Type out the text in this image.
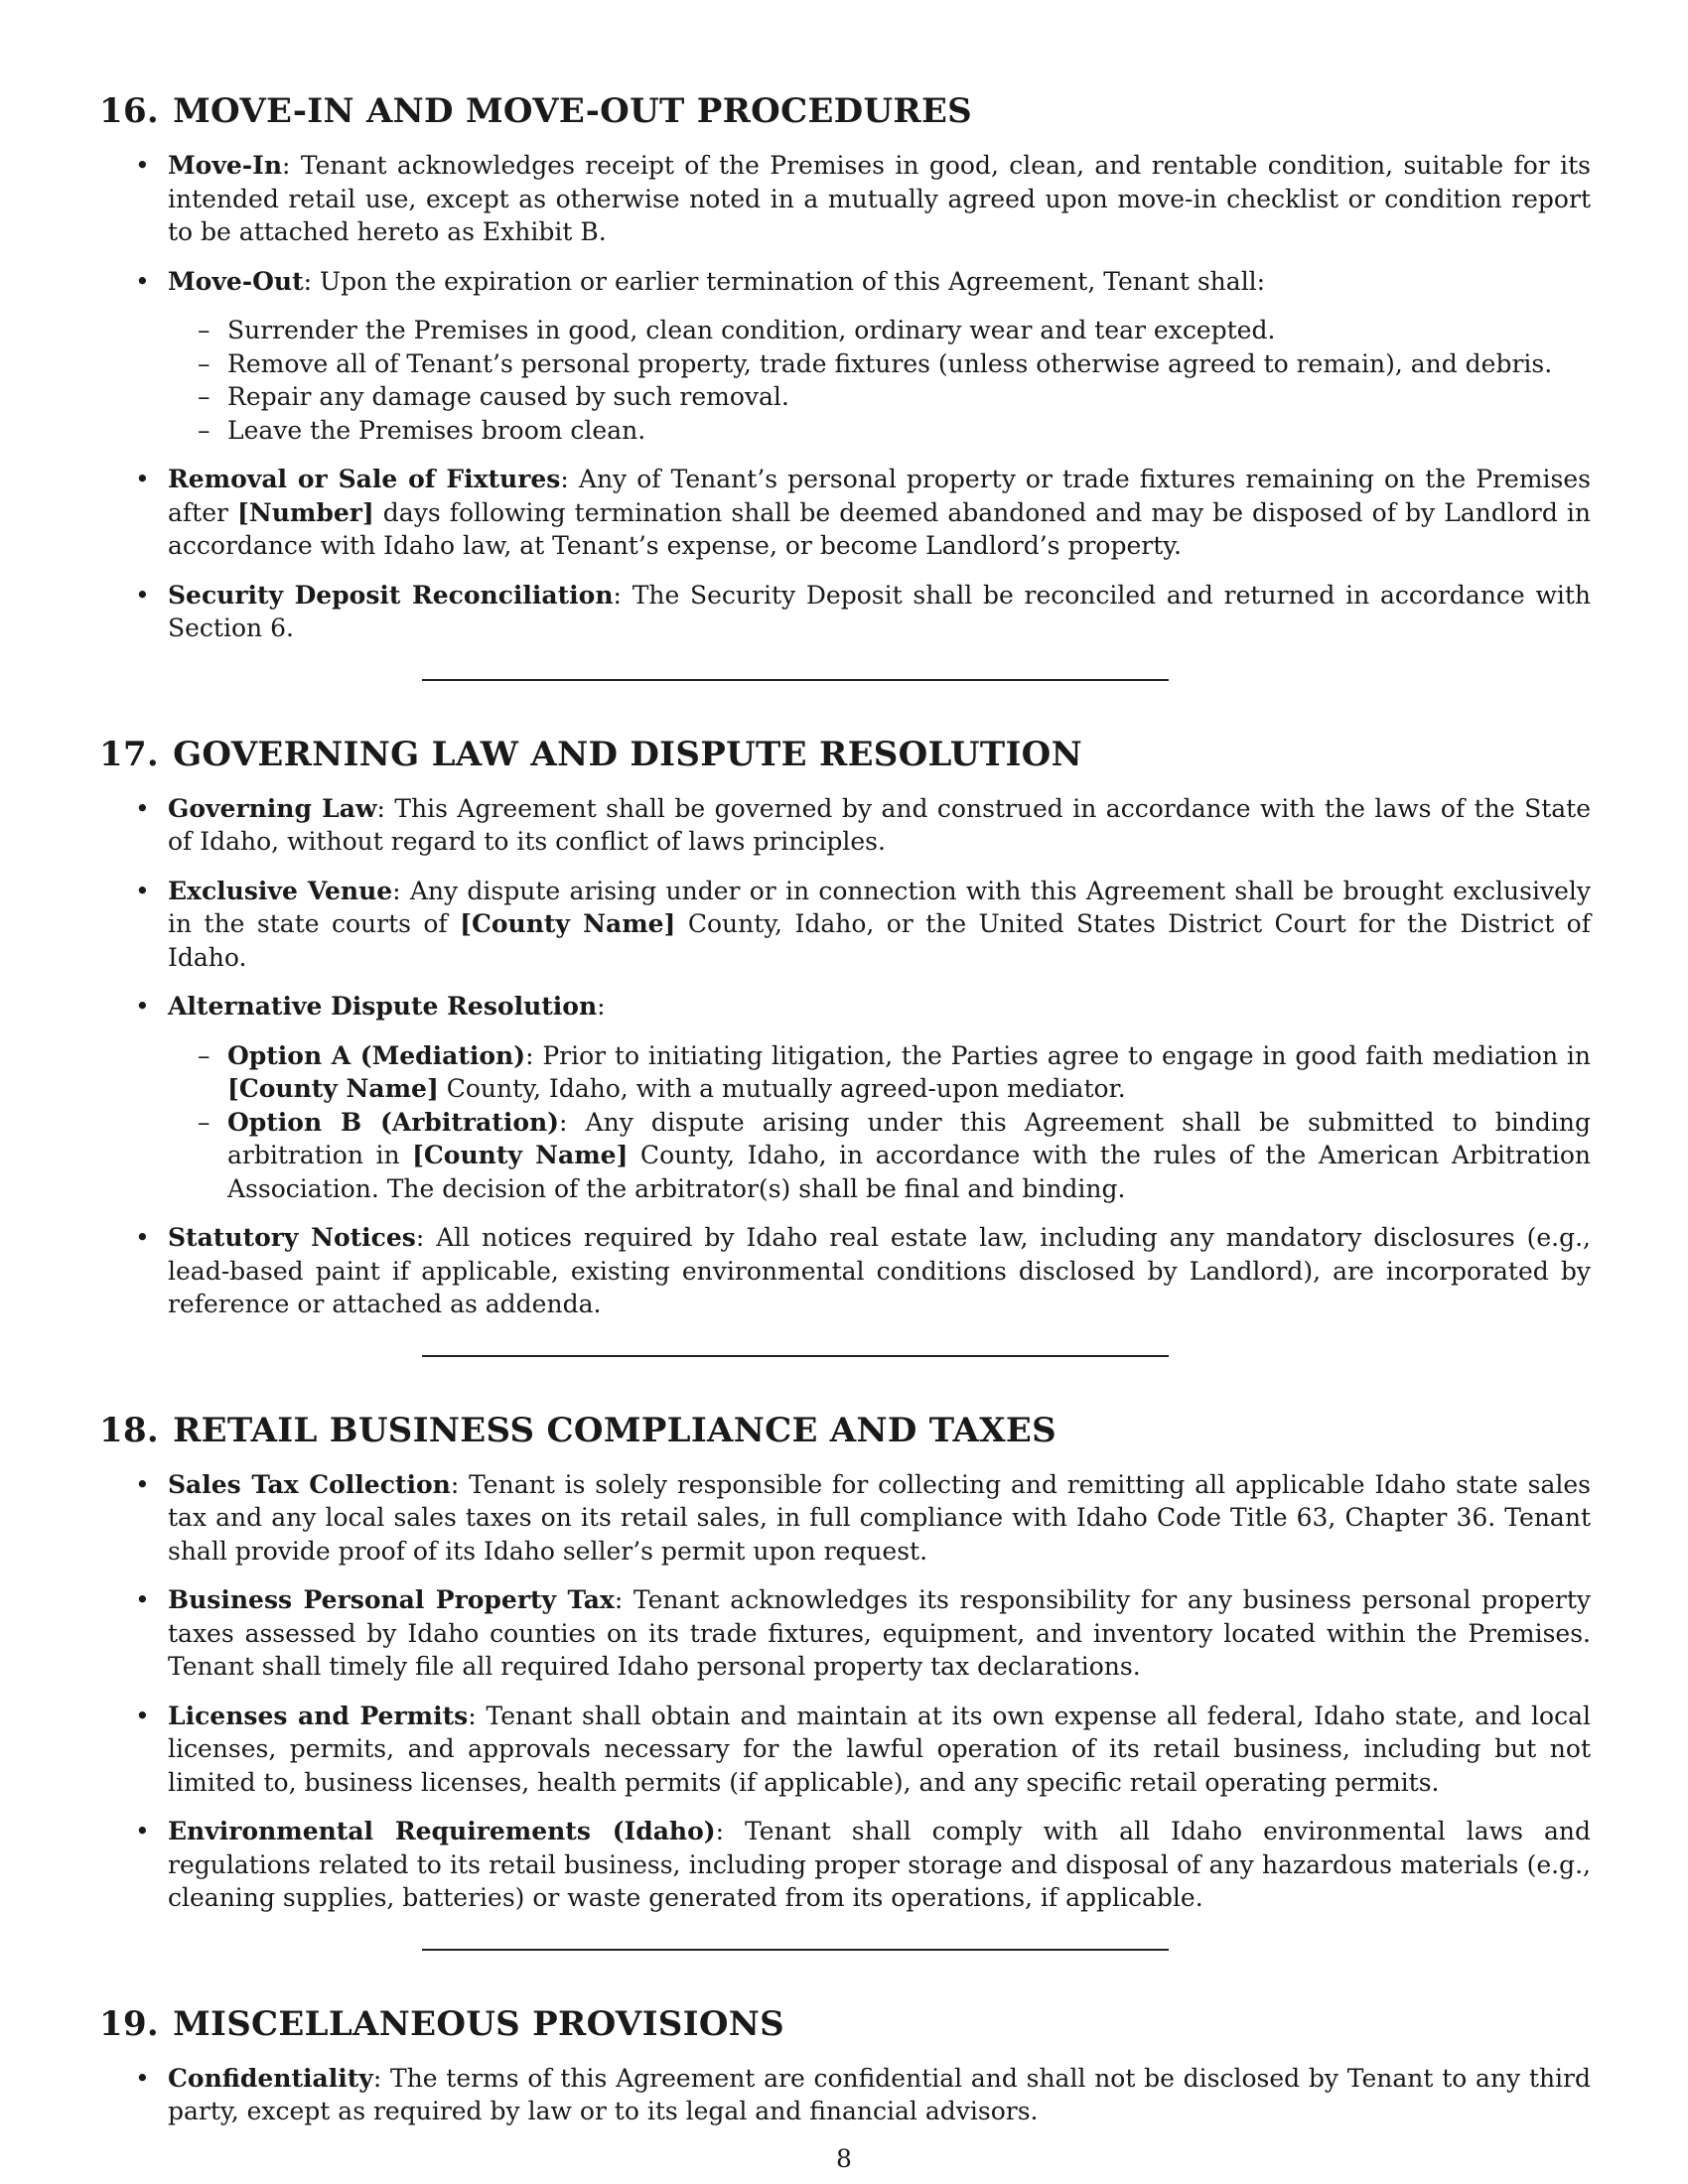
16. MOVE-IN AND MOVE-OUT PROCEDURES
• Move-In: Tenant acknowledges receipt of the Premises in good, clean, and rentable condition, suitable for its intended retail use, except as otherwise noted in a mutually agreed upon move-in checklist or condition report to be attached hereto as Exhibit B.
• Move-Out: Upon the expiration or earlier termination of this Agreement, Tenant shall:
– Surrender the Premises in good, clean condition, ordinary wear and tear excepted.
– Remove all of Tenant’s personal property, trade fixtures (unless otherwise agreed to remain), and debris.
– Repair any damage caused by such removal.
– Leave the Premises broom clean.
• Removal or Sale of Fixtures: Any of Tenant’s personal property or trade fixtures remaining on the Premises after [Number] days following termination shall be deemed abandoned and may be disposed of by Landlord in accordance with Idaho law, at Tenant’s expense, or become Landlord’s property.
• Security Deposit Reconciliation: The Security Deposit shall be reconciled and returned in accordance with Section 6.
17. GOVERNING LAW AND DISPUTE RESOLUTION
• Governing Law: This Agreement shall be governed by and construed in accordance with the laws of the State of Idaho, without regard to its conflict of laws principles.
• Exclusive Venue: Any dispute arising under or in connection with this Agreement shall be brought exclusively in the state courts of [County Name] County, Idaho, or the United States District Court for the District of Idaho.
• Alternative Dispute Resolution:
– Option A (Mediation): Prior to initiating litigation, the Parties agree to engage in good faith mediation in [County Name] County, Idaho, with a mutually agreed-upon mediator.
– Option B (Arbitration): Any dispute arising under this Agreement shall be submitted to binding arbitration in [County Name] County, Idaho, in accordance with the rules of the American Arbitration Association. The decision of the arbitrator(s) shall be final and binding.
• Statutory Notices: All notices required by Idaho real estate law, including any mandatory disclosures (e.g., lead-based paint if applicable, existing environmental conditions disclosed by Landlord), are incorporated by reference or attached as addenda.
18. RETAIL BUSINESS COMPLIANCE AND TAXES
• Sales Tax Collection: Tenant is solely responsible for collecting and remitting all applicable Idaho state sales tax and any local sales taxes on its retail sales, in full compliance with Idaho Code Title 63, Chapter 36. Tenant shall provide proof of its Idaho seller’s permit upon request.
• Business Personal Property Tax: Tenant acknowledges its responsibility for any business personal property taxes assessed by Idaho counties on its trade fixtures, equipment, and inventory located within the Premises. Tenant shall timely file all required Idaho personal property tax declarations.
• Licenses and Permits: Tenant shall obtain and maintain at its own expense all federal, Idaho state, and local licenses, permits, and approvals necessary for the lawful operation of its retail business, including but not limited to, business licenses, health permits (if applicable), and any specific retail operating permits.
• Environmental Requirements (Idaho): Tenant shall comply with all Idaho environmental laws and regulations related to its retail business, including proper storage and disposal of any hazardous materials (e.g., cleaning supplies, batteries) or waste generated from its operations, if applicable.
19. MISCELLANEOUS PROVISIONS
• Confidentiality: The terms of this Agreement are confidential and shall not be disclosed by Tenant to any third party, except as required by law or to its legal and financial advisors.
8
